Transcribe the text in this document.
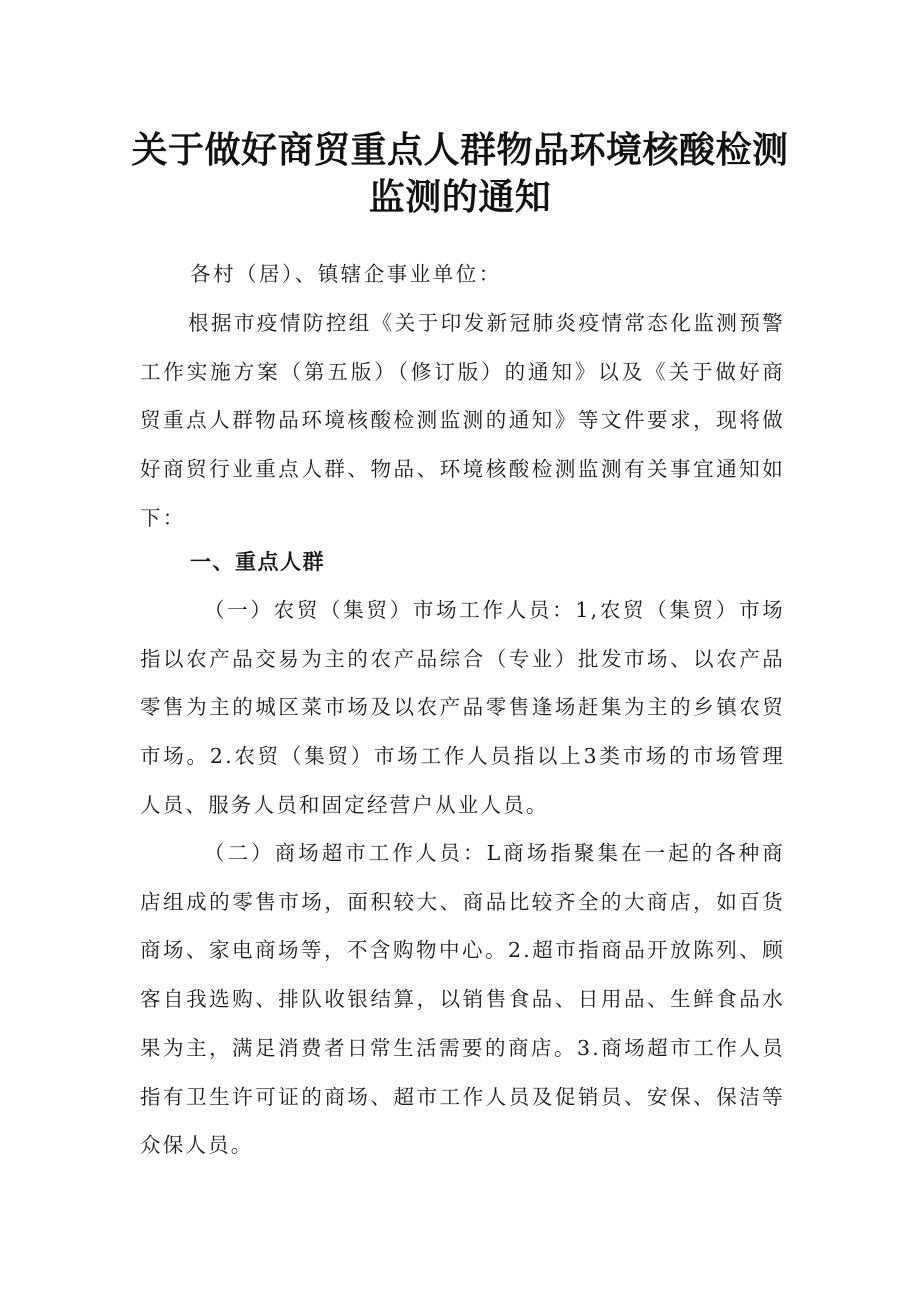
关于做好商贸重点人群物品环境核酸检测
监测的通知

各村（居）、镇辖企事业单位：

根据市疫情防控组《关于印发新冠肺炎疫情常态化监测预警工作实施方案（第五版）（修订版）的通知》以及《关于做好商贸重点人群物品环境核酸检测监测的通知》等文件要求，现将做好商贸行业重点人群、物品、环境核酸检测监测有关事宜通知如下：

一、重点人群

（一）农贸（集贸）市场工作人员：1,农贸（集贸）市场指以农产品交易为主的农产品综合（专业）批发市场、以农产品零售为主的城区菜市场及以农产品零售逢场赶集为主的乡镇农贸市场。2.农贸（集贸）市场工作人员指以上3类市场的市场管理人员、服务人员和固定经营户从业人员。

（二）商场超市工作人员：L商场指聚集在一起的各种商店组成的零售市场，面积较大、商品比较齐全的大商店，如百货商场、家电商场等，不含购物中心。2.超市指商品开放陈列、顾客自我选购、排队收银结算，以销售食品、日用品、生鲜食品水果为主，满足消费者日常生活需要的商店。3.商场超市工作人员指有卫生许可证的商场、超市工作人员及促销员、安保、保洁等众保人员。
